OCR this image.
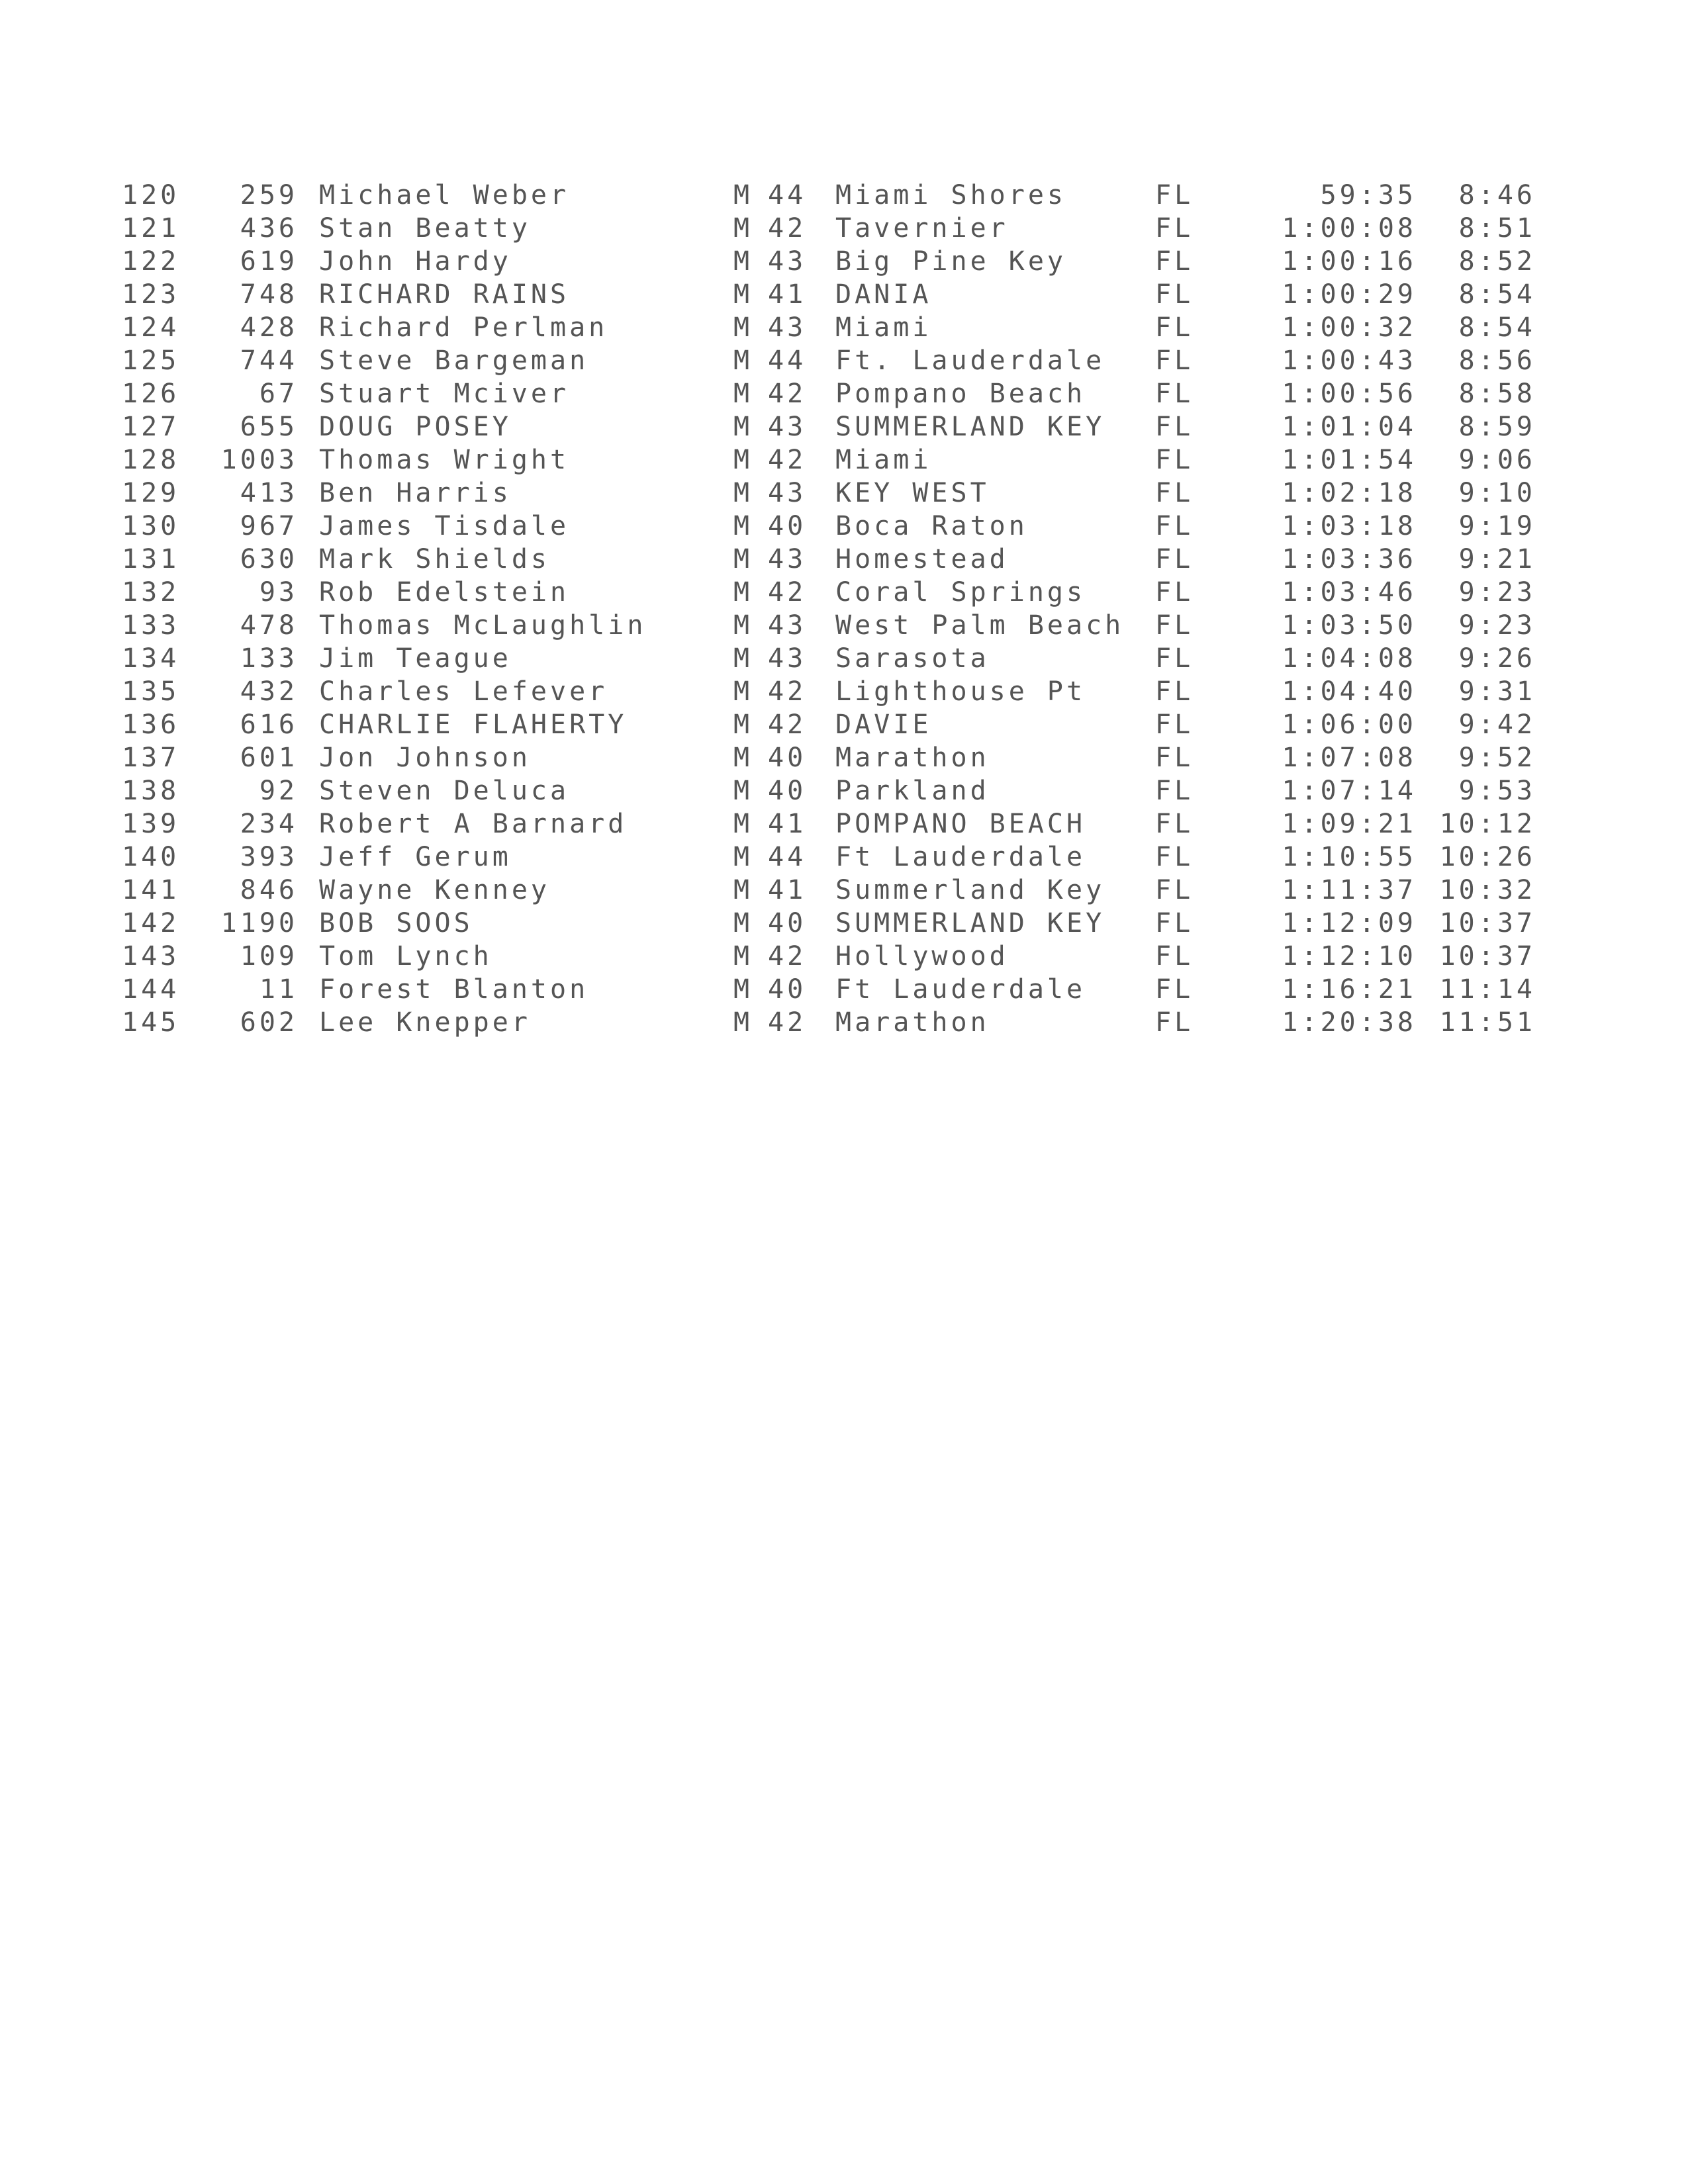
120	259 Michael Weber	M 44 Miami Shores	FL	59:35	8:46
121	436 Stan Beatty	M 42 Tavernier	FL	1:00:08	8:51
122	619 John Hardy	M 43 Big Pine Key	FL	1:00:16	8:52
123	748 RICHARD RAINS	M 41 DANIA	FL	1:00:29	8:54
124	428 Richard Perlman	M 43 Miami	FL	1:00:32	8:54
125	744 Steve Bargeman	M 44 Ft. Lauderdale	FL	1:00:43	8:56
126	67 Stuart Mciver	M 42 Pompano Beach	FL	1:00:56	8:58
127	655 DOUG POSEY	M 43 SUMMERLAND KEY	FL	1:01:04	8:59
128	1003 Thomas Wright	M 42 Miami	FL	1:01:54	9:06
129	413 Ben Harris	M 43 KEY WEST	FL	1:02:18	9:10
130	967 James Tisdale	M 40 Boca Raton	FL	1:03:18	9:19
131	630 Mark Shields	M 43 Homestead	FL	1:03:36	9:21
132	93 Rob Edelstein	M 42 Coral Springs	FL	1:03:46	9:23
133	478 Thomas McLaughlin	M 43 West Palm Beach	FL	1:03:50	9:23
134	133 Jim Teague	M 43 Sarasota	FL	1:04:08	9:26
135	432 Charles Lefever	M 42 Lighthouse Pt	FL	1:04:40	9:31
136	616 CHARLIE FLAHERTY	M 42 DAVIE	FL	1:06:00	9:42
137	601 Jon Johnson	M 40 Marathon	FL	1:07:08	9:52
138	92 Steven Deluca	M 40 Parkland	FL	1:07:14	9:53
139	234 Robert A Barnard	M 41 POMPANO BEACH	FL	1:09:21 10:12
140	393 Jeff Gerum	M 44 Ft Lauderdale	FL	1:10:55 10:26
141	846 Wayne Kenney	M 41 Summerland Key	FL	1:11:37 10:32
142	1190 BOB SOOS	M 40 SUMMERLAND KEY	FL	1:12:09 10:37
143	109 Tom Lynch	M 42 Hollywood	FL	1:12:10 10:37
144	11 Forest Blanton	M 40 Ft Lauderdale	FL	1:16:21 11:14
145	602 Lee Knepper	M 42 Marathon	FL	1:20:38 11:51
